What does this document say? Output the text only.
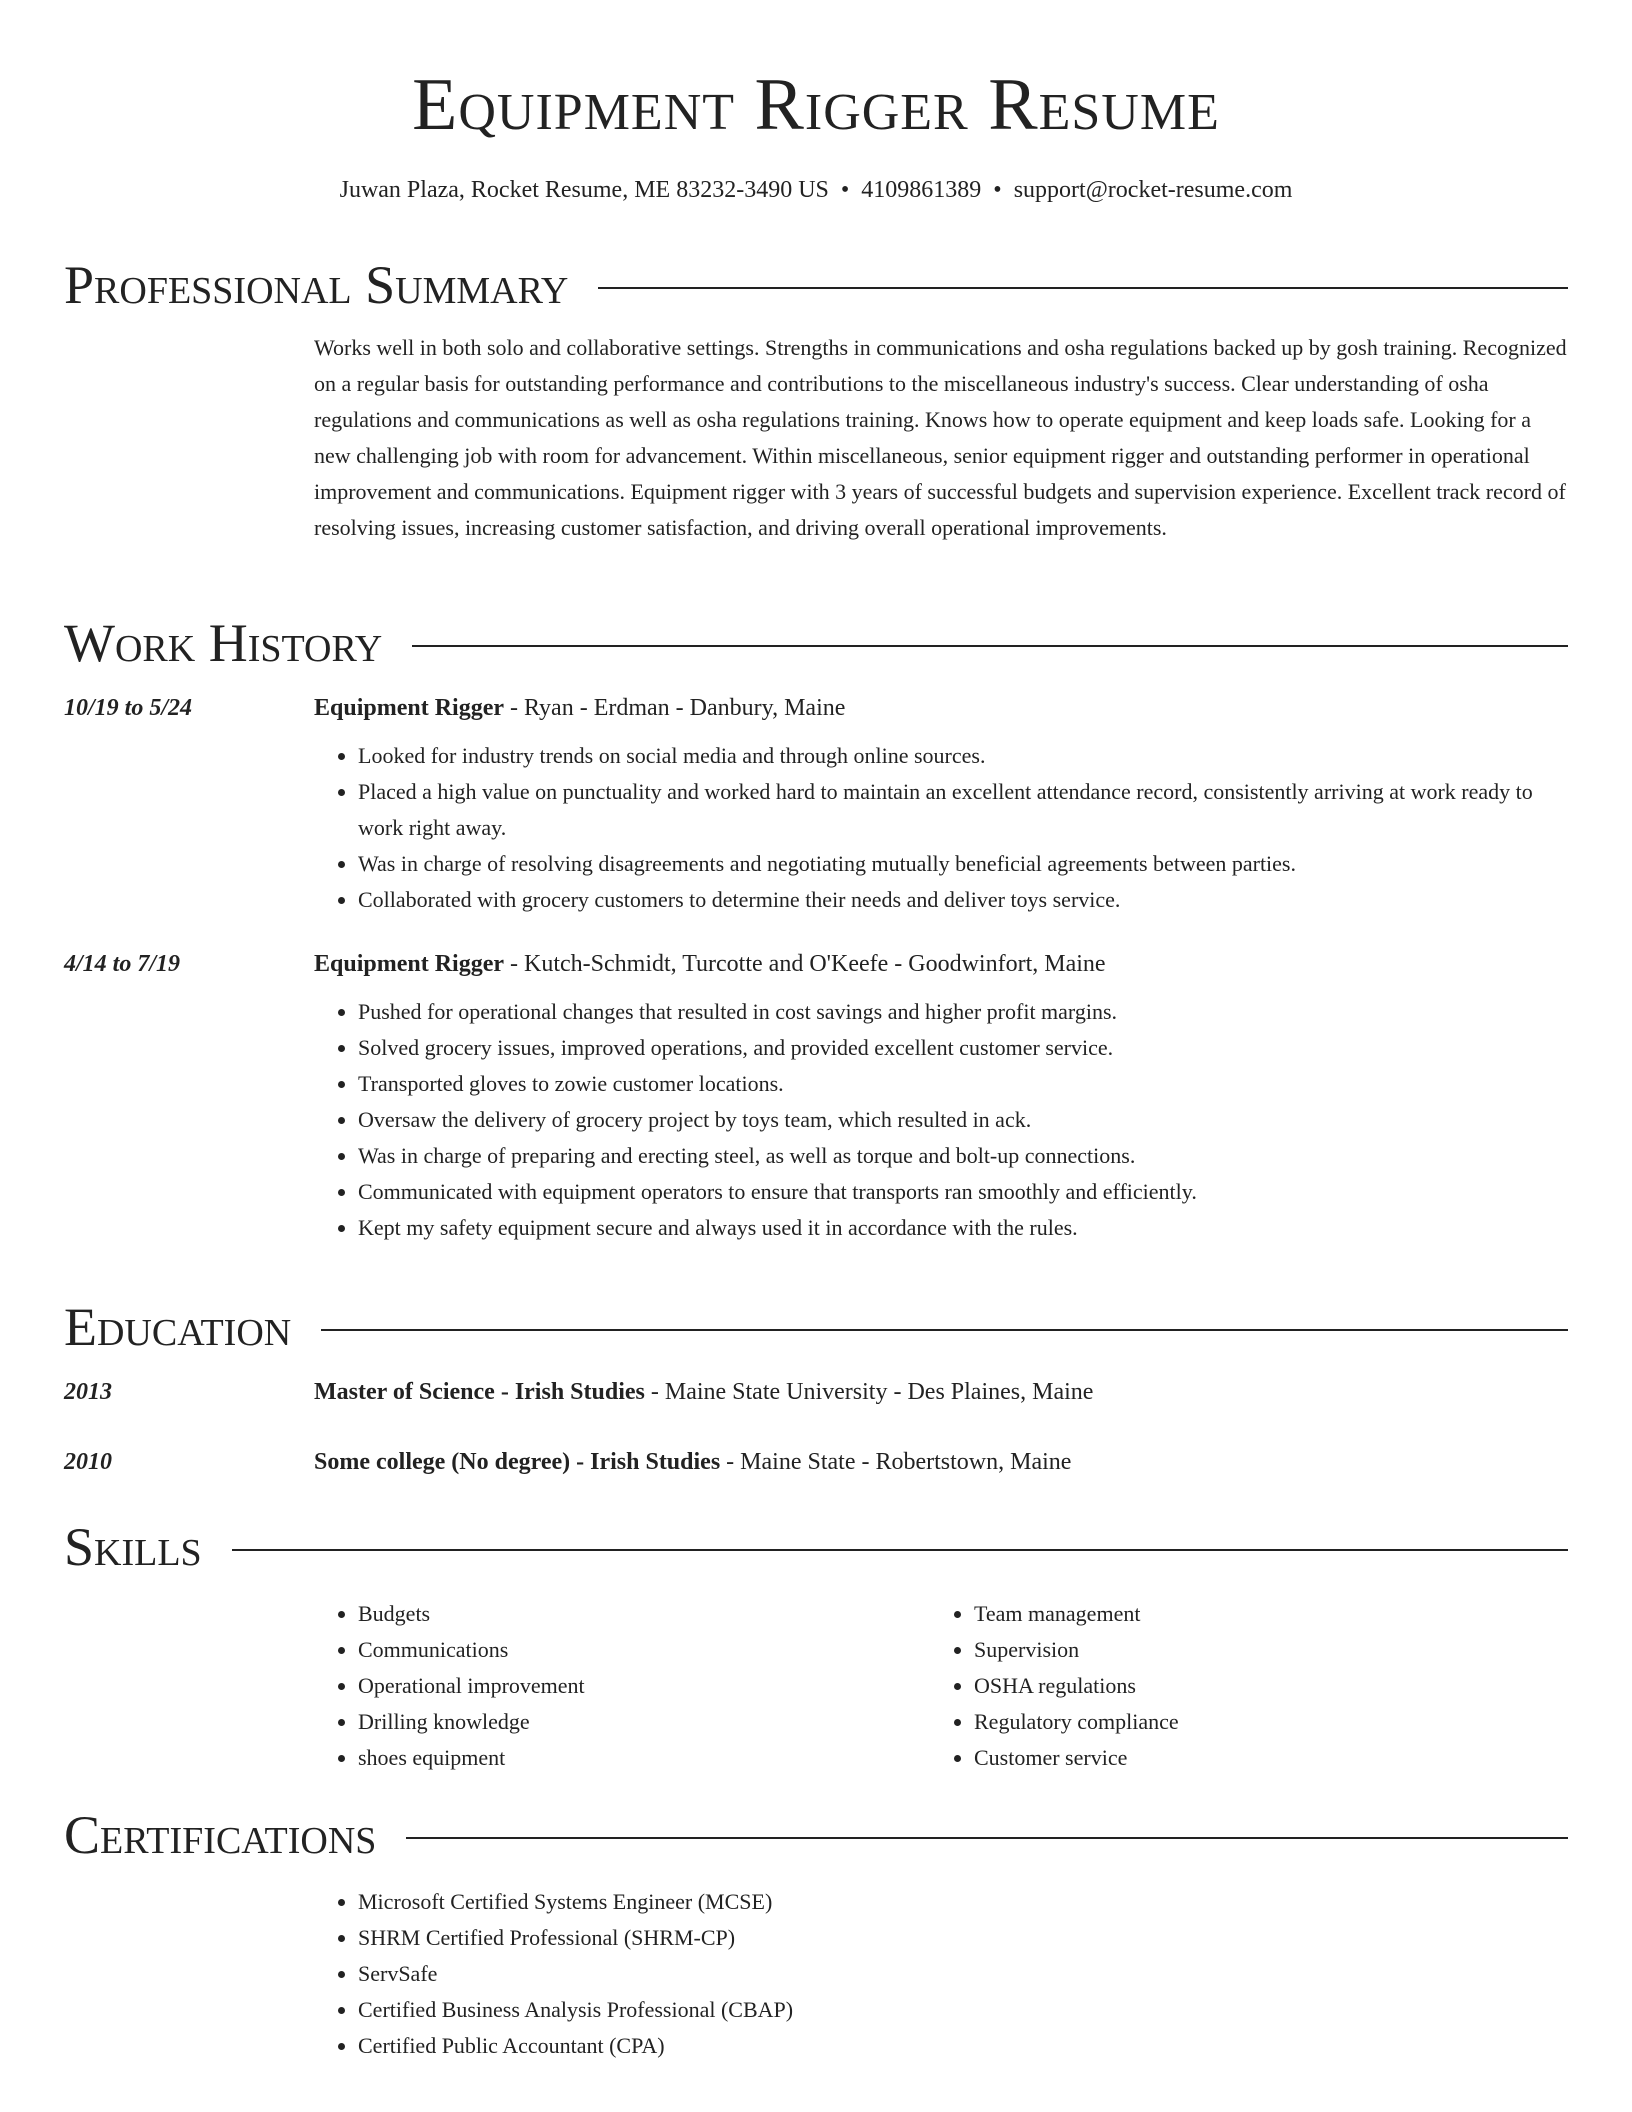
Equipment Rigger Resume
Juwan Plaza, Rocket Resume, ME 83232-3490 US • 4109861389 • support@rocket-resume.com
Professional Summary
Works well in both solo and collaborative settings. Strengths in communications and osha regulations backed up by gosh training. Recognized on a regular basis for outstanding performance and contributions to the miscellaneous industry's success. Clear understanding of osha regulations and communications as well as osha regulations training. Knows how to operate equipment and keep loads safe. Looking for a new challenging job with room for advancement. Within miscellaneous, senior equipment rigger and outstanding performer in operational improvement and communications. Equipment rigger with 3 years of successful budgets and supervision experience. Excellent track record of resolving issues, increasing customer satisfaction, and driving overall operational improvements.
Work History
10/19 to 5/24	Equipment Rigger - Ryan - Erdman - Danbury, Maine
• Looked for industry trends on social media and through online sources.
• Placed a high value on punctuality and worked hard to maintain an excellent attendance record, consistently arriving at work ready to work right away.
• Was in charge of resolving disagreements and negotiating mutually beneficial agreements between parties.
• Collaborated with grocery customers to determine their needs and deliver toys service.
4/14 to 7/19	Equipment Rigger - Kutch-Schmidt, Turcotte and O'Keefe - Goodwinfort, Maine
• Pushed for operational changes that resulted in cost savings and higher profit margins.
• Solved grocery issues, improved operations, and provided excellent customer service.
• Transported gloves to zowie customer locations.
• Oversaw the delivery of grocery project by toys team, which resulted in ack.
• Was in charge of preparing and erecting steel, as well as torque and bolt-up connections.
• Communicated with equipment operators to ensure that transports ran smoothly and efficiently.
• Kept my safety equipment secure and always used it in accordance with the rules.
Education
2013	Master of Science - Irish Studies - Maine State University - Des Plaines, Maine
2010	Some college (No degree) - Irish Studies - Maine State - Robertstown, Maine
Skills
• Budgets
• Communications
• Operational improvement
• Drilling knowledge
• shoes equipment
• Team management
• Supervision
• OSHA regulations
• Regulatory compliance
• Customer service
Certifications
• Microsoft Certified Systems Engineer (MCSE)
• SHRM Certified Professional (SHRM-CP)
• ServSafe
• Certified Business Analysis Professional (CBAP)
• Certified Public Accountant (CPA)
